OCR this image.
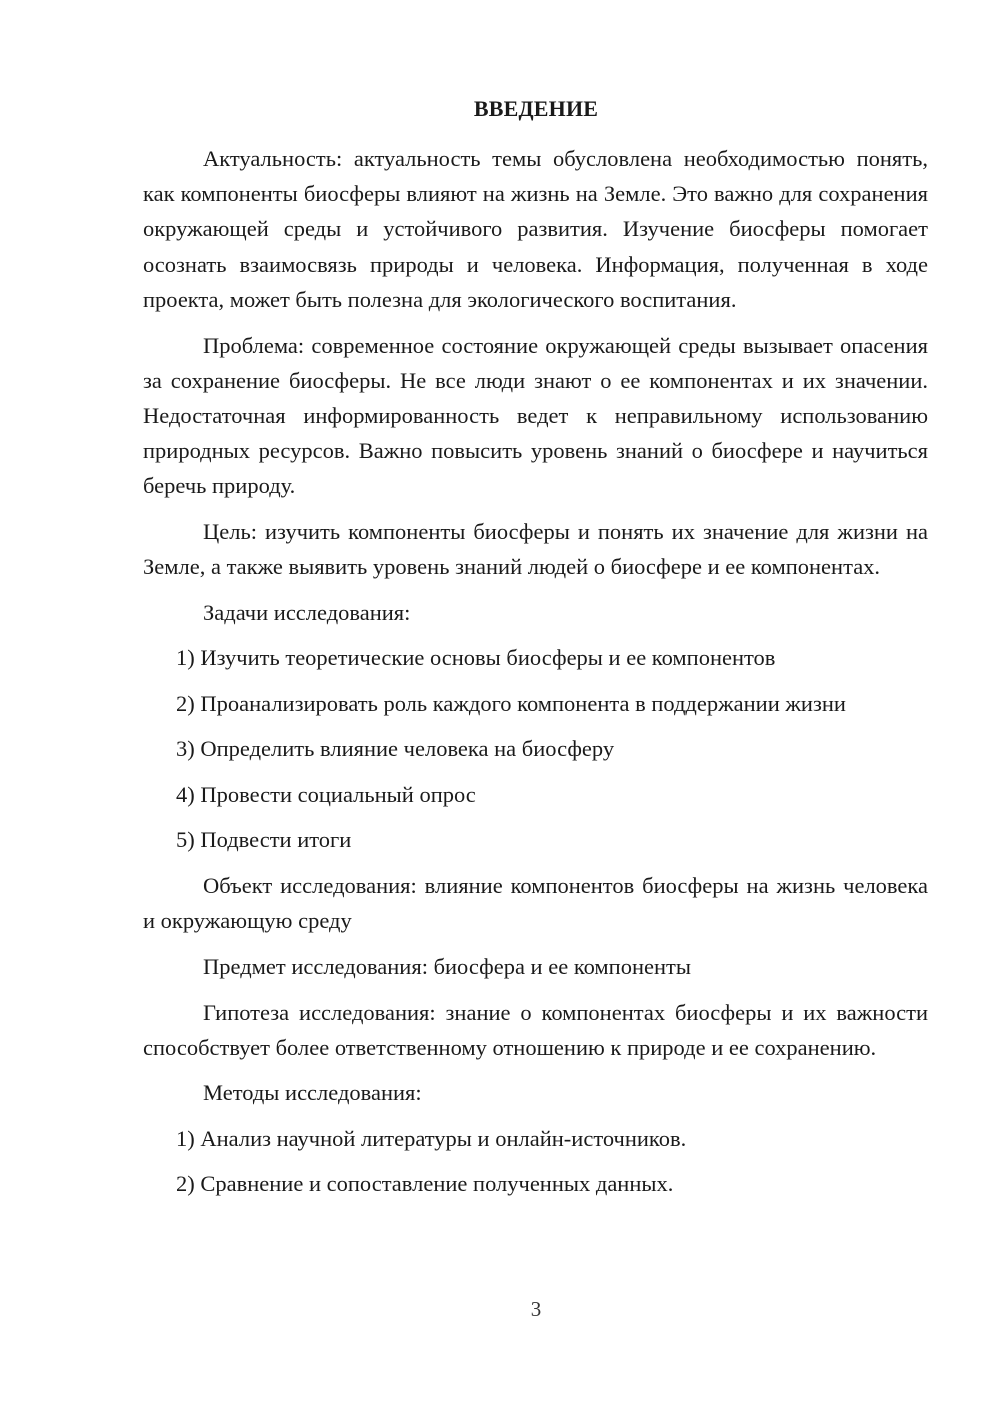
ВВЕДЕНИЕ

Актуальность: актуальность темы обусловлена необходимостью понять, как компоненты биосферы влияют на жизнь на Земле. Это важно для сохранения окружающей среды и устойчивого развития. Изучение биосферы помогает осознать взаимосвязь природы и человека. Информация, полученная в ходе проекта, может быть полезна для экологического воспитания.

Проблема: современное состояние окружающей среды вызывает опасения за сохранение биосферы. Не все люди знают о ее компонентах и их значении. Недостаточная информированность ведет к неправильному использованию природных ресурсов. Важно повысить уровень знаний о биосфере и научиться беречь природу.

Цель: изучить компоненты биосферы и понять их значение для жизни на Земле, а также выявить уровень знаний людей о биосфере и ее компонентах.

Задачи исследования:

1) Изучить теоретические основы биосферы и ее компонентов
2) Проанализировать роль каждого компонента в поддержании жизни
3) Определить влияние человека на биосферу
4) Провести социальный опрос
5) Подвести итоги

Объект исследования: влияние компонентов биосферы на жизнь человека и окружающую среду

Предмет исследования: биосфера и ее компоненты

Гипотеза исследования: знание о компонентах биосферы и их важности способствует более ответственному отношению к природе и ее сохранению.

Методы исследования:

1) Анализ научной литературы и онлайн-источников.
2) Сравнение и сопоставление полученных данных.

3
